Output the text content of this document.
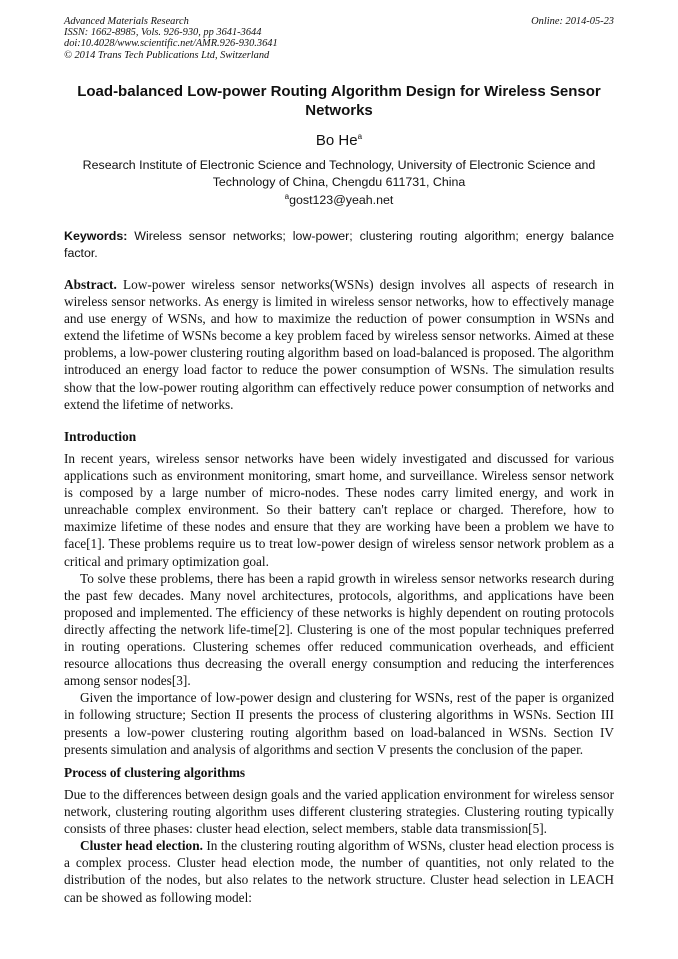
Advanced Materials Research
ISSN: 1662-8985, Vols. 926-930, pp 3641-3644
doi:10.4028/www.scientific.net/AMR.926-930.3641
© 2014 Trans Tech Publications Ltd, Switzerland
Online: 2014-05-23
Load-balanced Low-power Routing Algorithm Design for Wireless Sensor Networks
Bo He$^a$
Research Institute of Electronic Science and Technology, University of Electronic Science and Technology of China, Chengdu 611731, China
$^a$gost123@yeah.net
Keywords: Wireless sensor networks; low-power; clustering routing algorithm; energy balance factor.
Abstract. Low-power wireless sensor networks(WSNs) design involves all aspects of research in wireless sensor networks. As energy is limited in wireless sensor networks, how to effectively manage and use energy of WSNs, and how to maximize the reduction of power consumption in WSNs and extend the lifetime of WSNs become a key problem faced by wireless sensor networks. Aimed at these problems, a low-power clustering routing algorithm based on load-balanced is proposed. The algorithm introduced an energy load factor to reduce the power consumption of WSNs. The simulation results show that the low-power routing algorithm can effectively reduce power consumption of networks and extend the lifetime of networks.
Introduction

In recent years, wireless sensor networks have been widely investigated and discussed for various applications such as environment monitoring, smart home, and surveillance. Wireless sensor network is composed by a large number of micro-nodes. These nodes carry limited energy, and work in unreachable complex environment. So their battery can't replace or charged. Therefore, how to maximize lifetime of these nodes and ensure that they are working have been a problem we have to face[1]. These problems require us to treat low-power design of wireless sensor network problem as a critical and primary optimization goal.

To solve these problems, there has been a rapid growth in wireless sensor networks research during the past few decades. Many novel architectures, protocols, algorithms, and applications have been proposed and implemented. The efficiency of these networks is highly dependent on routing protocols directly affecting the network life-time[2]. Clustering is one of the most popular techniques preferred in routing operations. Clustering schemes offer reduced communication overheads, and efficient resource allocations thus decreasing the overall energy consumption and reducing the interferences among sensor nodes[3].

Given the importance of low-power design and clustering for WSNs, rest of the paper is organized in following structure; Section II presents the process of clustering algorithms in WSNs. Section III presents a low-power clustering routing algorithm based on load-balanced in WSNs. Section IV presents simulation and analysis of algorithms and section V presents the conclusion of the paper.

Process of clustering algorithms

Due to the differences between design goals and the varied application environment for wireless sensor network, clustering routing algorithm uses different clustering strategies. Clustering routing typically consists of three phases: cluster head election, select members, stable data transmission[5].

Cluster head election. In the clustering routing algorithm of WSNs, cluster head election process is a complex process. Cluster head election mode, the number of quantities, not only related to the distribution of the nodes, but also relates to the network structure. Cluster head selection in LEACH can be showed as following model:
